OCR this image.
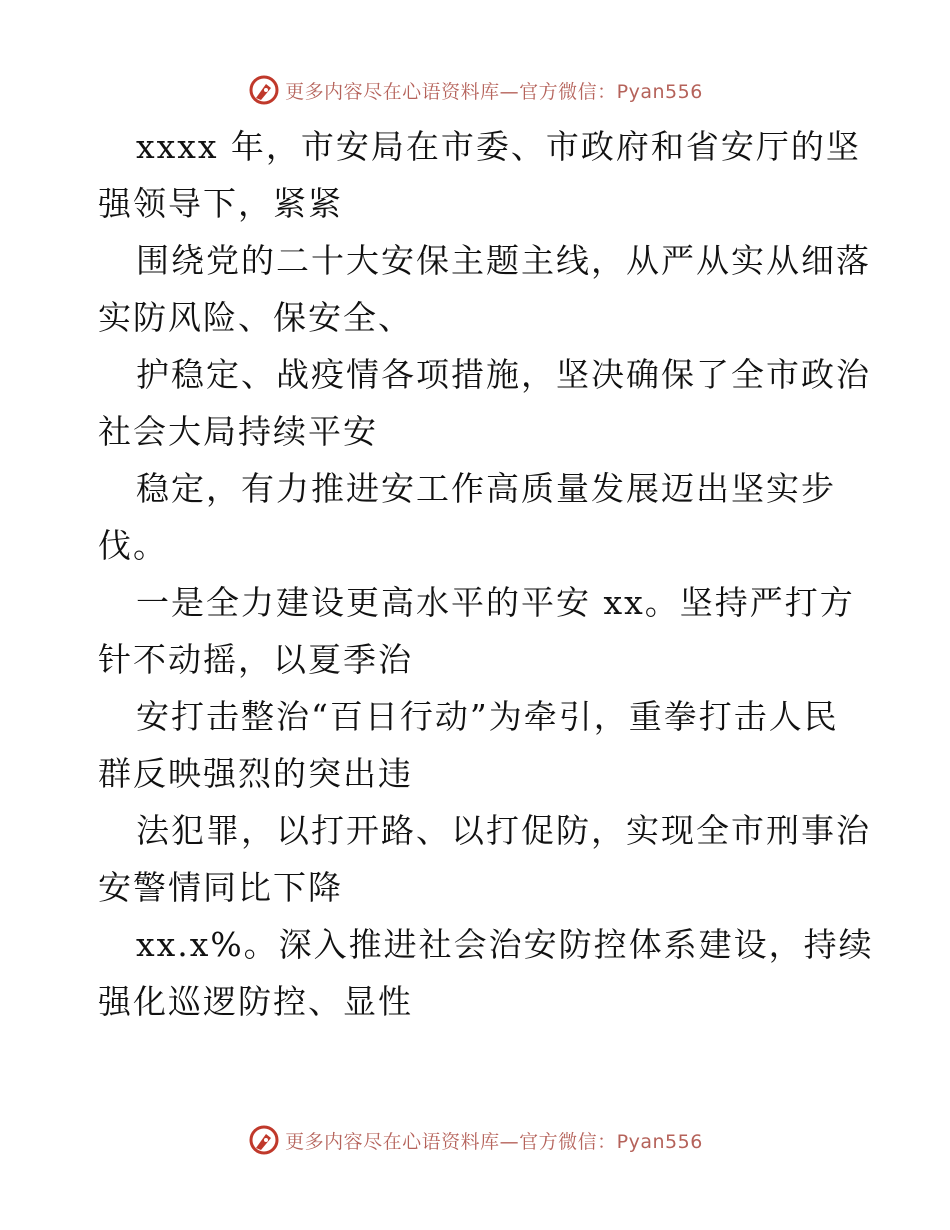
更多内容尽在心语资料库—官方微信：Pyan556
xxxx 年，市安局在市委、市政府和省安厅的坚
强领导下，紧紧
围绕党的二十大安保主题主线，从严从实从细落
实防风险、保安全、
护稳定、战疫情各项措施，坚决确保了全市政治
社会大局持续平安
稳定，有力推进安工作高质量发展迈出坚实步
伐。
一是全力建设更高水平的平安 xx。坚持严打方
针不动摇，以夏季治
安打击整治“百日行动”为牵引，重拳打击人民
群反映强烈的突出违
法犯罪，以打开路、以打促防，实现全市刑事治
安警情同比下降
xx.x%。深入推进社会治安防控体系建设，持续
强化巡逻防控、显性
更多内容尽在心语资料库—官方微信：Pyan556
